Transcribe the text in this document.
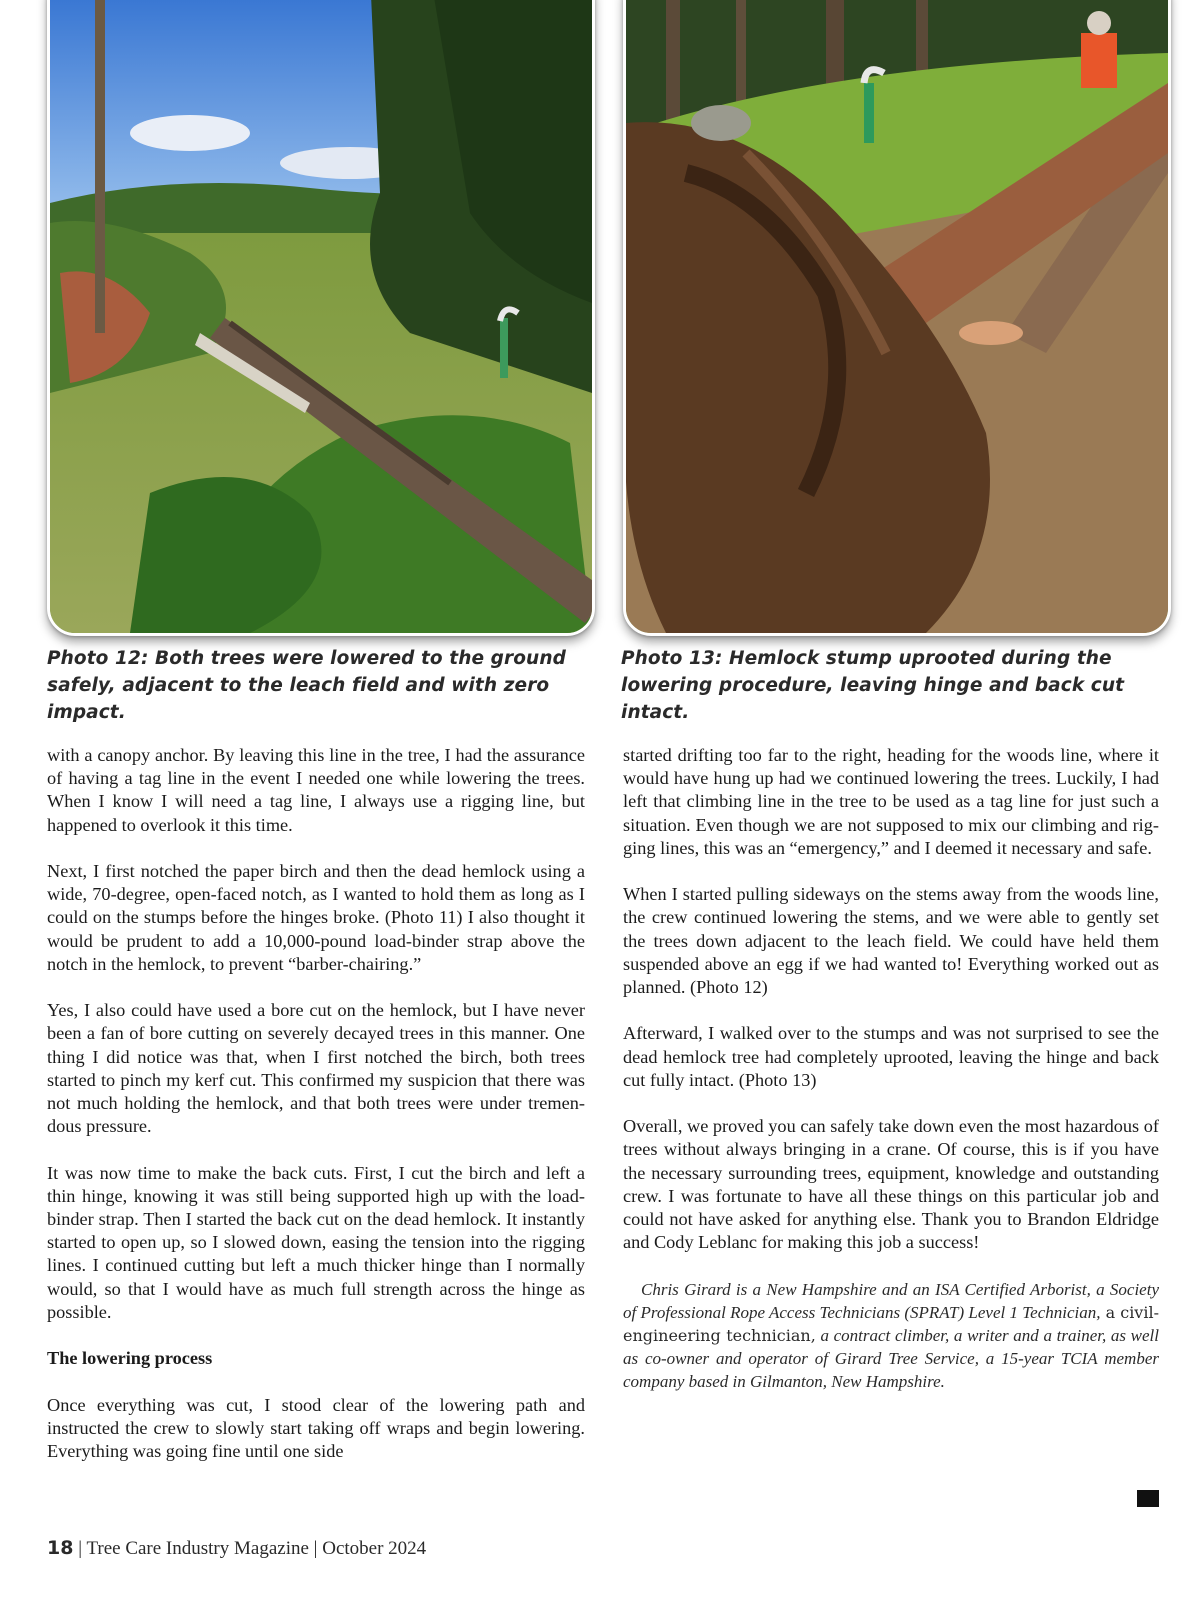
Photo 12: Both trees were lowered to the ground safely, adjacent to the leach field and with zero impact.
Photo 13: Hemlock stump uprooted during the lowering procedure, leaving hinge and back cut intact.

with a canopy anchor. By leaving this line in the tree, I had the assurance of having a tag line in the event I needed one while lowering the trees. When I know I will need a tag line, I always use a rigging line, but happened to overlook it this time.

Next, I first notched the paper birch and then the dead hemlock using a wide, 70-degree, open-faced notch, as I wanted to hold them as long as I could on the stumps before the hinges broke. (Photo 11) I also thought it would be prudent to add a 10,000-pound load-binder strap above the notch in the hemlock, to prevent “barber-chairing.”

Yes, I also could have used a bore cut on the hemlock, but I have never been a fan of bore cutting on severely decayed trees in this manner. One thing I did notice was that, when I first notched the birch, both trees started to pinch my kerf cut. This confirmed my suspicion that there was not much holding the hemlock, and that both trees were under tremendous pressure.

It was now time to make the back cuts. First, I cut the birch and left a thin hinge, knowing it was still being supported high up with the load-binder strap. Then I started the back cut on the dead hemlock. It instantly started to open up, so I slowed down, easing the tension into the rigging lines. I continued cutting but left a much thicker hinge than I normally would, so that I would have as much full strength across the hinge as possible.

The lowering process

Once everything was cut, I stood clear of the lowering path and instructed the crew to slowly start taking off wraps and begin lowering. Everything was going fine until one side

started drifting too far to the right, heading for the woods line, where it would have hung up had we continued lowering the trees. Luckily, I had left that climbing line in the tree to be used as a tag line for just such a situation. Even though we are not supposed to mix our climbing and rigging lines, this was an “emergency,” and I deemed it necessary and safe.

When I started pulling sideways on the stems away from the woods line, the crew continued lowering the stems, and we were able to gently set the trees down adjacent to the leach field. We could have held them suspended above an egg if we had wanted to! Everything worked out as planned. (Photo 12)

Afterward, I walked over to the stumps and was not surprised to see the dead hemlock tree had completely uprooted, leaving the hinge and back cut fully intact. (Photo 13)

Overall, we proved you can safely take down even the most hazardous of trees without always bringing in a crane. Of course, this is if you have the necessary surrounding trees, equipment, knowledge and outstanding crew. I was fortunate to have all these things on this particular job and could not have asked for anything else. Thank you to Brandon Eldridge and Cody Leblanc for making this job a success!

Chris Girard is a New Hampshire and an ISA Certified Arborist, a Society of Professional Rope Access Technicians (SPRAT) Level 1 Technician, a civil-engineering technician, a contract climber, a writer and a trainer, as well as co-owner and operator of Girard Tree Service, a 15-year TCIA member company based in Gilmanton, New Hampshire.
18 | Tree Care Industry Magazine | October 2024
